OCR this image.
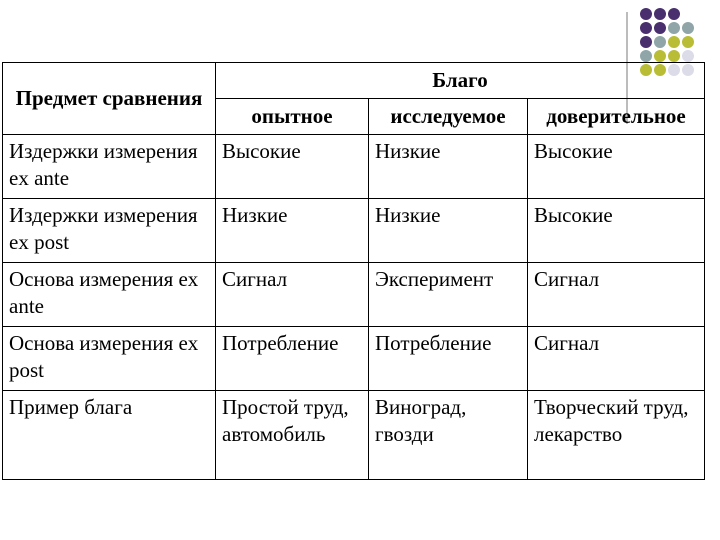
Предмет сравнения	Благо		
	опытное	исследуемое	доверительное
Издержки измерения ex ante	Высокие	Низкие	Высокие
Издержки измерения ex post	Низкие	Низкие	Высокие
Основа измерения ex ante	Сигнал	Эксперимент	Сигнал
Основа измерения ex post	Потребление	Потребление	Сигнал
Пример блага	Простой труд, автомобиль	Виноград, гвозди	Творческий труд, лекарство
